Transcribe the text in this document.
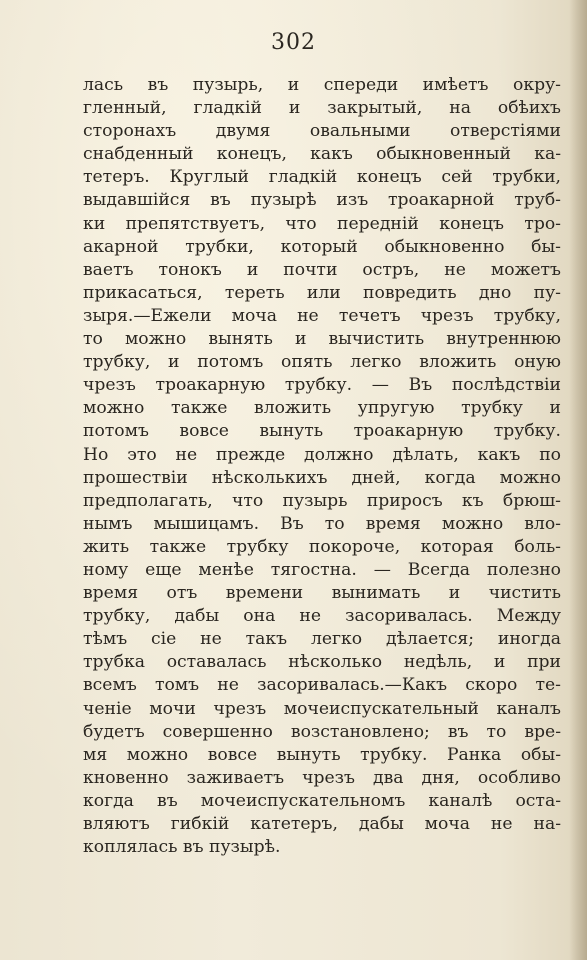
302
лась въ пузырь, и спереди имѣетъ окру-
гленный, гладкій и закрытый, на обѣихъ
сторонахъ двумя овальными отверстіями
снабденный конецъ, какъ обыкновенный ка-
тетеръ. Круглый гладкій конецъ сей трубки,
выдавшійся въ пузырѣ изъ троакарной труб-
ки препятствуетъ, что передній конецъ тро-
акарной трубки, который обыкновенно бы-
ваетъ тонокъ и почти остръ, не можетъ
прикасаться, тереть или повредить дно пу-
зыря.—Ежели моча не течетъ чрезъ трубку,
то можно вынять и вычистить внутреннюю
трубку, и потомъ опять легко вложить оную
чрезъ троакарную трубку. — Въ послѣдствіи
можно также вложить упругую трубку и
потомъ вовсе вынуть троакарную трубку.
Но это не прежде должно дѣлать, какъ по
прошествіи нѣсколькихъ дней, когда можно
предполагать, что пузырь приросъ къ брюш-
нымъ мышицамъ. Въ то время можно вло-
жить также трубку покороче, которая боль-
ному еще менѣе тягостна. — Всегда полезно
время отъ времени вынимать и чистить
трубку, дабы она не засоривалась. Между
тѣмъ сіе не такъ легко дѣлается; иногда
трубка оставалась нѣсколько недѣль, и при
всемъ томъ не засоривалась.—Какъ скоро те-
ченіе мочи чрезъ мочеиспускательный каналъ
будетъ совершенно возстановлено; въ то вре-
мя можно вовсе вынуть трубку. Ранка обы-
кновенно заживаетъ чрезъ два дня, особливо
когда въ мочеиспускательномъ каналѣ оста-
вляютъ гибкій катетеръ, дабы моча не на-
коплялась въ пузырѣ.
